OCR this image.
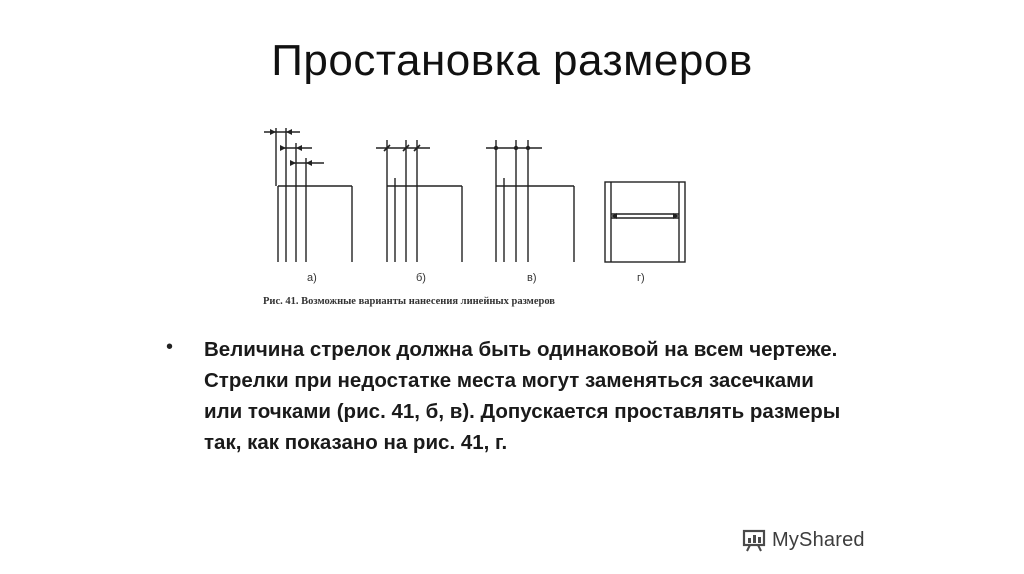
Простановка размеров
а)	б)	в)	г)
Рис. 41. Возможные варианты нанесения линейных размеров
• Величина стрелок должна быть одинаковой на всем чертеже. Стрелки при недостатке места могут заменяться засечками или точками (рис. 41, б, в). Допускается проставлять размеры так, как показано на рис. 41, г.
MyShared
